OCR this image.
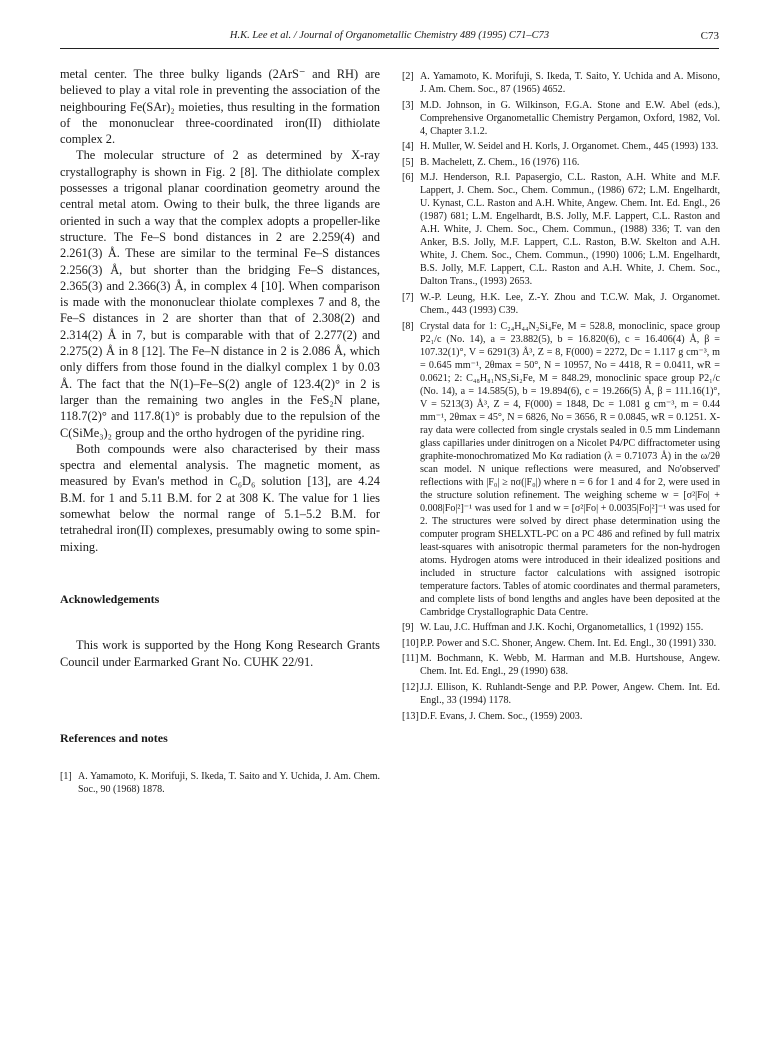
H.K. Lee et al. / Journal of Organometallic Chemistry 489 (1995) C71–C73	C73

metal center. The three bulky ligands (2ArS⁻ and RH) are believed to play a vital role in preventing the association of the neighbouring Fe(SAr)₂ moieties, thus resulting in the formation of the mononuclear three-coordinated iron(II) dithiolate complex 2.

The molecular structure of 2 as determined by X-ray crystallography is shown in Fig. 2 [8]. The dithiolate complex possesses a trigonal planar coordination geometry around the central metal atom. Owing to their bulk, the three ligands are oriented in such a way that the complex adopts a propeller-like structure. The Fe–S bond distances in 2 are 2.259(4) and 2.261(3) Å. These are similar to the terminal Fe–S distances 2.256(3) Å, but shorter than the bridging Fe–S distances, 2.365(3) and 2.366(3) Å, in complex 4 [10]. When comparison is made with the mononuclear thiolate complexes 7 and 8, the Fe–S distances in 2 are shorter than that of 2.308(2) and 2.314(2) Å in 7, but is comparable with that of 2.277(2) and 2.275(2) Å in 8 [12]. The Fe–N distance in 2 is 2.086 Å, which only differs from those found in the dialkyl complex 1 by 0.03 Å. The fact that the N(1)–Fe–S(2) angle of 123.4(2)° in 2 is larger than the remaining two angles in the FeS₂N plane, 118.7(2)° and 117.8(1)° is probably due to the repulsion of the C(SiMe₃)₂ group and the ortho hydrogen of the pyridine ring.

Both compounds were also characterised by their mass spectra and elemental analysis. The magnetic moment, as measured by Evan's method in C₆D₆ solution [13], are 4.24 B.M. for 1 and 5.11 B.M. for 2 at 308 K. The value for 1 lies somewhat below the normal range of 5.1–5.2 B.M. for tetrahedral iron(II) complexes, presumably owing to some spin-mixing.

Acknowledgements

This work is supported by the Hong Kong Research Grants Council under Earmarked Grant No. CUHK 22/91.

References and notes

[1] A. Yamamoto, K. Morifuji, S. Ikeda, T. Saito and Y. Uchida, J. Am. Chem. Soc., 90 (1968) 1878.
[2] A. Yamamoto, K. Morifuji, S. Ikeda, T. Saito, Y. Uchida and A. Misono, J. Am. Chem. Soc., 87 (1965) 4652.
[3] M.D. Johnson, in G. Wilkinson, F.G.A. Stone and E.W. Abel (eds.), Comprehensive Organometallic Chemistry Pergamon, Oxford, 1982, Vol. 4, Chapter 3.1.2.
[4] H. Muller, W. Seidel and H. Korls, J. Organomet. Chem., 445 (1993) 133.
[5] B. Machelett, Z. Chem., 16 (1976) 116.
[6] M.J. Henderson, R.I. Papasergio, C.L. Raston, A.H. White and M.F. Lappert, J. Chem. Soc., Chem. Commun., (1986) 672; L.M. Engelhardt, U. Kynast, C.L. Raston and A.H. White, Angew. Chem. Int. Ed. Engl., 26 (1987) 681; L.M. Engelhardt, B.S. Jolly, M.F. Lappert, C.L. Raston and A.H. White, J. Chem. Soc., Chem. Commun., (1988) 336; T. van den Anker, B.S. Jolly, M.F. Lappert, C.L. Raston, B.W. Skelton and A.H. White, J. Chem. Soc., Chem. Commun., (1990) 1006; L.M. Engelhardt, B.S. Jolly, M.F. Lappert, C.L. Raston and A.H. White, J. Chem. Soc., Dalton Trans., (1993) 2653.
[7] W.-P. Leung, H.K. Lee, Z.-Y. Zhou and T.C.W. Mak, J. Organomet. Chem., 443 (1993) C39.
[8] Crystal data for 1: C₂₄H₄₄N₂Si₄Fe, M = 528.8, monoclinic, space group P2₁/c (No. 14), a = 23.882(5), b = 16.820(6), c = 16.406(4) Å, β = 107.32(1)°, V = 6291(3) Å³, Z = 8, F(000) = 2272, Dc = 1.117 g cm⁻³, m = 0.645 mm⁻¹, 2θmax = 50°, N = 10957, No = 4418, R = 0.0411, wR = 0.0621; 2: C₄₈H₈₁NS₂Si₂Fe, M = 848.29, monoclinic space group P2₁/c (No. 14), a = 14.585(5), b = 19.894(6), c = 19.266(5) Å, β = 111.16(1)°, V = 5213(3) Å³, Z = 4, F(000) = 1848, Dc = 1.081 g cm⁻³, m = 0.44 mm⁻¹, 2θmax = 45°, N = 6826, No = 3656, R = 0.0845, wR = 0.1251. X-ray data were collected from single crystals sealed in 0.5 mm Lindemann glass capillaries under dinitrogen on a Nicolet P4/PC diffractometer using graphite-monochromatized Mo Kα radiation (λ = 0.71073 Å) in the ω/2θ scan model. N unique reflections were measured, and No'observed' reflections with |F₀| ≥ nσ(|F₀|) where n = 6 for 1 and 4 for 2, were used in the structure solution refinement. The weighing scheme w = [σ²|Fo| + 0.008|Fo|²]⁻¹ was used for 1 and w = [σ²|Fo| + 0.0035|Fo|²]⁻¹ was used for 2. The structures were solved by direct phase determination using the computer program SHELXTL-PC on a PC 486 and refined by full matrix least-squares with anisotropic thermal parameters for the non-hydrogen atoms. Hydrogen atoms were introduced in their idealized positions and included in structure factor calculations with assigned isotropic temperature factors. Tables of atomic coordinates and thermal parameters, and complete lists of bond lengths and angles have been deposited at the Cambridge Crystallographic Data Centre.
[9] W. Lau, J.C. Huffman and J.K. Kochi, Organometallics, 1 (1992) 155.
[10] P.P. Power and S.C. Shoner, Angew. Chem. Int. Ed. Engl., 30 (1991) 330.
[11] M. Bochmann, K. Webb, M. Harman and M.B. Hurtshouse, Angew. Chem. Int. Ed. Engl., 29 (1990) 638.
[12] J.J. Ellison, K. Ruhlandt-Senge and P.P. Power, Angew. Chem. Int. Ed. Engl., 33 (1994) 1178.
[13] D.F. Evans, J. Chem. Soc., (1959) 2003.
